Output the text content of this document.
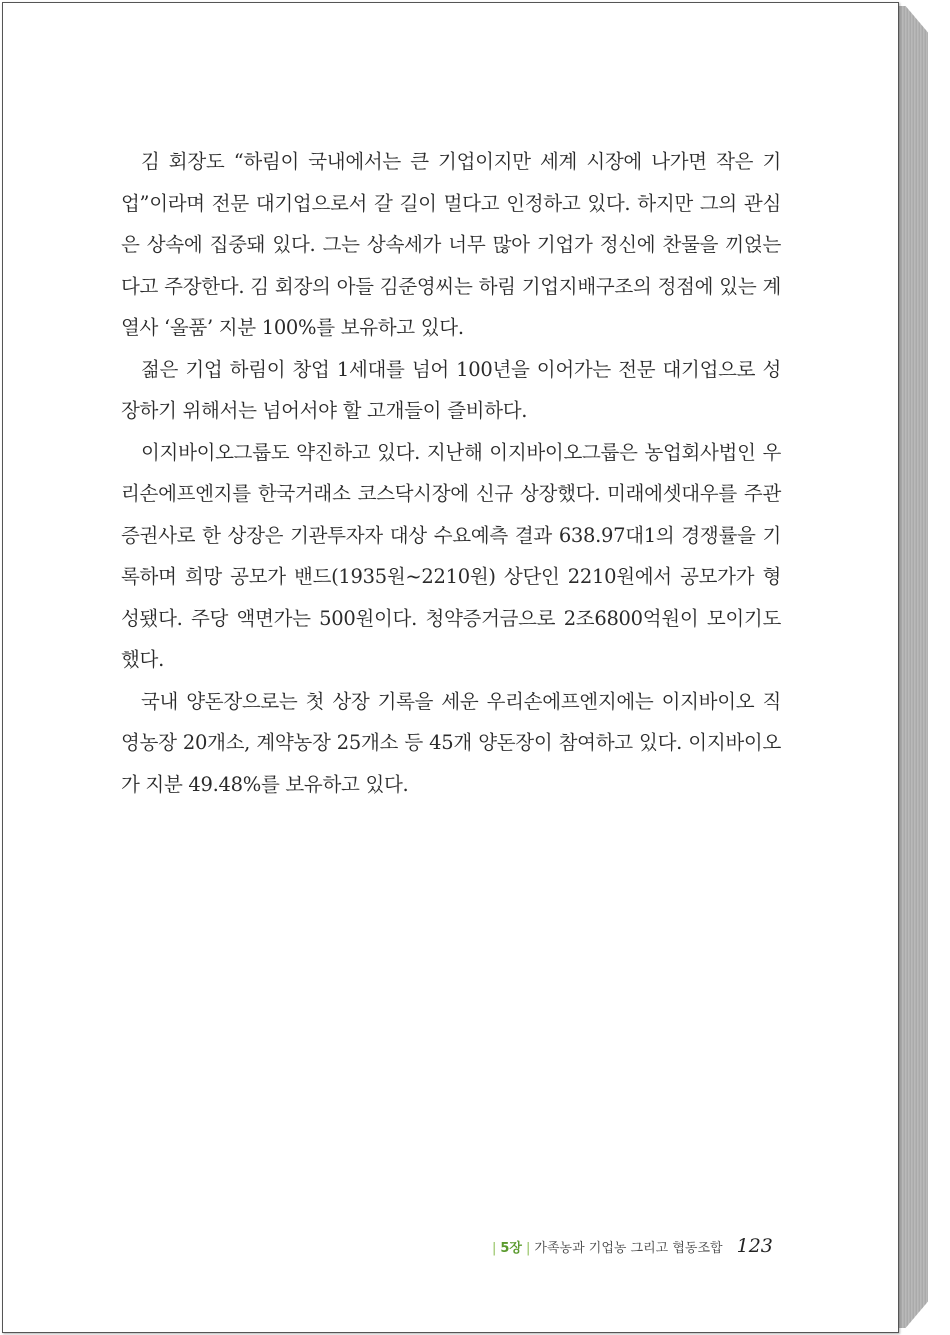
김 회장도 “하림이 국내에서는 큰 기업이지만 세계 시장에 나가면 작은 기업”이라며 전문 대기업으로서 갈 길이 멀다고 인정하고 있다. 하지만 그의 관심은 상속에 집중돼 있다. 그는 상속세가 너무 많아 기업가 정신에 찬물을 끼얹는다고 주장한다. 김 회장의 아들 김준영씨는 하림 기업지배구조의 정점에 있는 계열사 ‘올품’ 지분 100%를 보유하고 있다.

젊은 기업 하림이 창업 1세대를 넘어 100년을 이어가는 전문 대기업으로 성장하기 위해서는 넘어서야 할 고개들이 즐비하다.

이지바이오그룹도 약진하고 있다. 지난해 이지바이오그룹은 농업회사법인 우리손에프엔지를 한국거래소 코스닥시장에 신규 상장했다. 미래에셋대우를 주관 증권사로 한 상장은 기관투자자 대상 수요예측 결과 638.97대1의 경쟁률을 기록하며 희망 공모가 밴드(1935원~2210원) 상단인 2210원에서 공모가가 형성됐다. 주당 액면가는 500원이다. 청약증거금으로 2조6800억원이 모이기도 했다.

국내 양돈장으로는 첫 상장 기록을 세운 우리손에프엔지에는 이지바이오 직영농장 20개소, 계약농장 25개소 등 45개 양돈장이 참여하고 있다. 이지바이오가 지분 49.48%를 보유하고 있다.

| 5장 | 가족농과 기업농 그리고 협동조합 123
